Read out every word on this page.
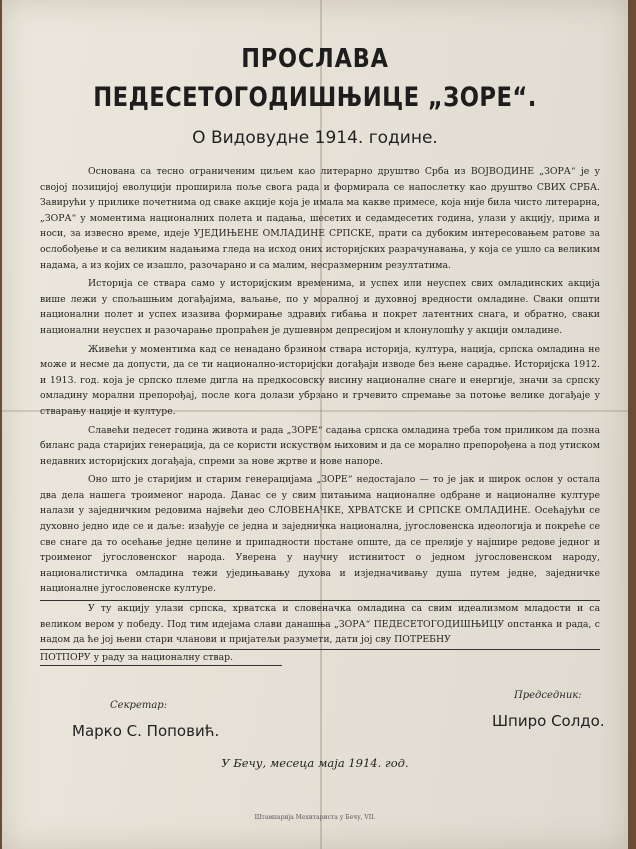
ПРОСЛАВА
ПЕДЕСЕТОГОДИШЊИЦЕ „ЗОРЕ“.
О Видовудне 1914. године.

Основана са тесно ограниченим циљем као литерарно друштво Срба из ВОЈВОДИНЕ „ЗОРА“ је у својој позицијој еволуцији проширила поље свога рада и формирала се напослетку као друштво СВИХ СРБА. Завирући у прилике почетнима од сваке акције која је имала ма какве примесе, која није била чисто литерарна, „ЗОРА“ у моментима националних полета и падања, шесетих и седамдесетих година, улази у акцију, прима и носи, за извесно време, идеје УЈЕДИЊЕНЕ ОМЛАДИНЕ СРПСКЕ, прати са дубоким интересовањем ратове за ослобођење и са великим надањима гледа на исход оних историјских разрачунавања, у која се ушло са великим надама, а из којих се изашло, разочарано и са малим, несразмерним резултатима.

Историја се ствара само у историјским временима, и успех или неуспех свих омладинских акција више лежи у спољашњим догађајима, ваљање, по у моралној и духовној вредности омладине. Сваки општи национални полет и успех изазива формирање здравих гибања и покрет латентних снага, и обратно, сваки национални неуспех и разочарање пропраћен је душевном депресијом и клонулошћу у акцији омладине.

Живећи у моментима кад се ненадано брзином ствара историја, култура, нација, српска омладина не може и несме да допусти, да се ти национално-историјски догађаји изводе без њене сарадње. Историјска 1912. и 1913. год. која је српско племе дигла на предкосовску висину националне снаге и енергије, значи за српску омладину морални препорођај, после кога долази убрзано и грчевито спремање за потоње велике догађаје у стварању нације и културе.

Славећи педесет година живота и рада „ЗОРЕ“ садања српска омладина треба том приликом да позна биланс рада старијих генерација, да се користи искуством њиховим и да се морално препорођена а под утиском недавних историјских догађаја, спреми за нове жртве и нове напоре.

Оно што је старијим и старим генерацијама „ЗОРЕ“ недостајало — то је јак и широк ослон у осталa два дела нашега троименог народа. Данас се у свим питањима националне одбране и националне културе налази у заједничким редовима највећи део СЛОВЕНАЧКЕ, ХРВАТСКЕ И СРПСКЕ ОМЛАДИНЕ. Осећајући се духовно једно иде се и даље: изађује се једна и заједничка национална, југословенска идеологија и покреће се све снаге да то осећање једне целине и припадности постане опште, да се прелије у најшире редове једног и троименог југословенског народа. Уверена у научну истинитост о једном југословенском народу, националистичка омладина тежи уједињавању духова и изједначивању душа путем једне, заједничке националне југословенске културе.

У ту акцију улази српска, хрватска и словеначка омладина са свим идеализмом младости и са великом вером у победу. Под тим идејама слави данашња „ЗОРА“ ПЕДЕСЕТОГОДИШЊИЦУ опстанка и рада, с надом да ће јој њени стари чланови и пријатељи разумети, дати јој сву ПОТРЕБНУ
ПОТПОРУ у раду за националну ствар.
Секретар:
Марко С. Поповић.
Председник:
Шпиро Солдо.
У Бечу, месеца маја 1914. год.
Штампарија Мехитариста у Бечу, VII.
